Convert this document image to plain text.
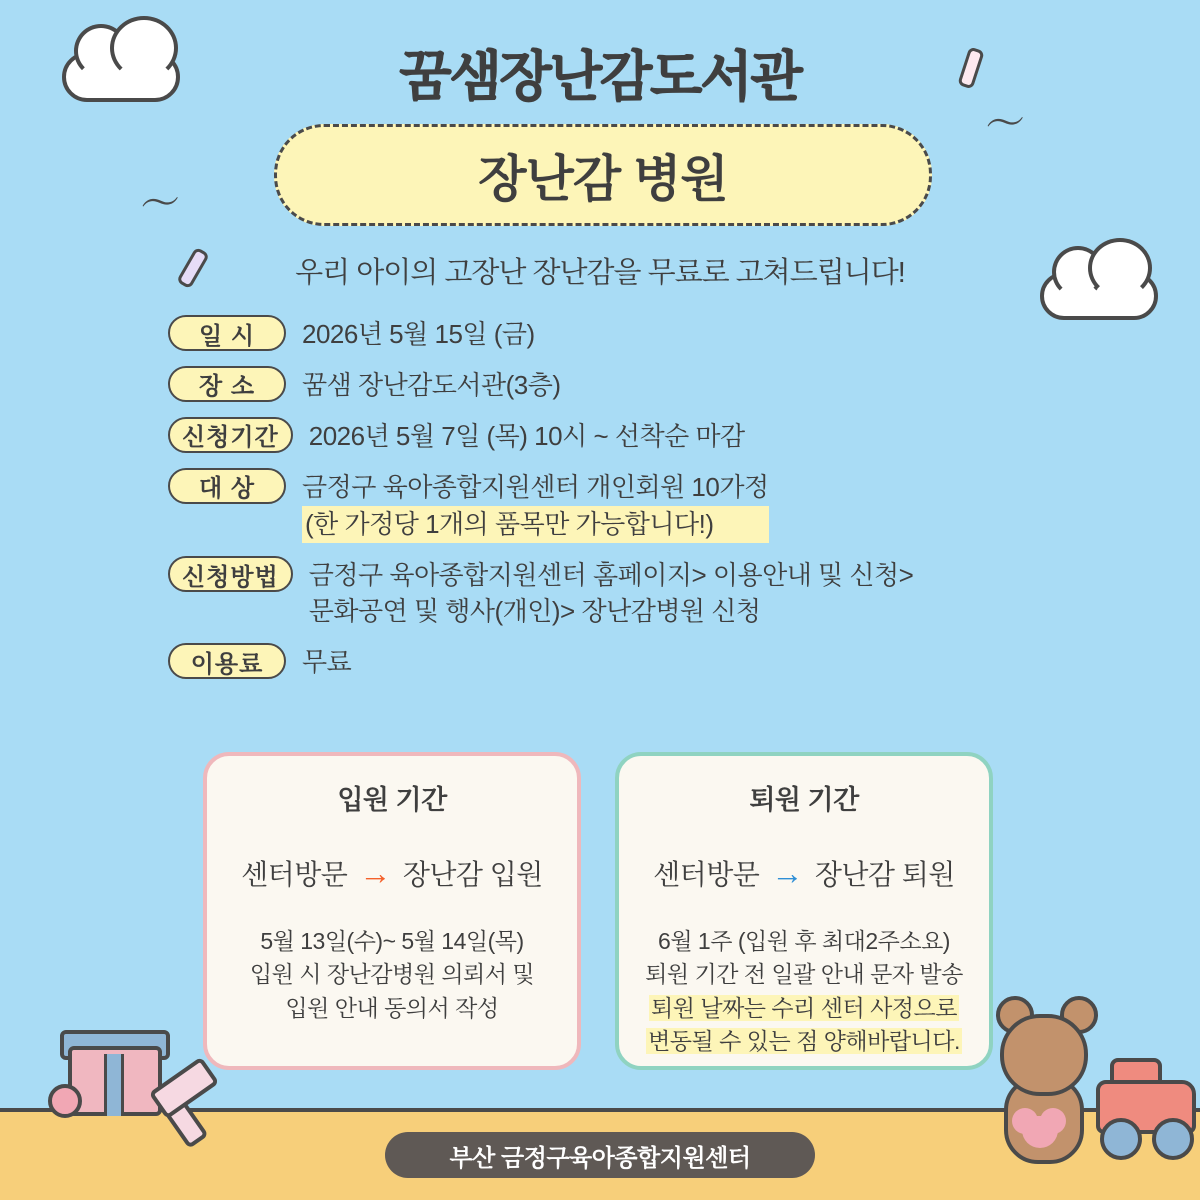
〜
〜
꿈샘장난감도서관
장난감 병원
우리 아이의 고장난 장난감을 무료로 고쳐드립니다!
일 시	2026년 5월 15일 (금)
장 소	꿈샘 장난감도서관(3층)
신청기간	2026년 5월 7일 (목) 10시 ~ 선착순 마감
대 상	금정구 육아종합지원센터 개인회원 10가정
(한 가정당 1개의 품목만 가능합니다!)
신청방법	금정구 육아종합지원센터 홈페이지> 이용안내 및 신청>
문화공연 및 행사(개인)> 장난감병원 신청
이용료	무료
입원 기간
센터방문 → 장난감 입원
5월 13일(수)~ 5월 14일(목)
입원 시 장난감병원 의뢰서 및
입원 안내 동의서 작성
퇴원 기간
센터방문 → 장난감 퇴원
6월 1주 (입원 후 최대2주소요)
퇴원 기간 전 일괄 안내 문자 발송
퇴원 날짜는 수리 센터 사정으로
변동될 수 있는 점 양해바랍니다.
부산 금정구육아종합지원센터
